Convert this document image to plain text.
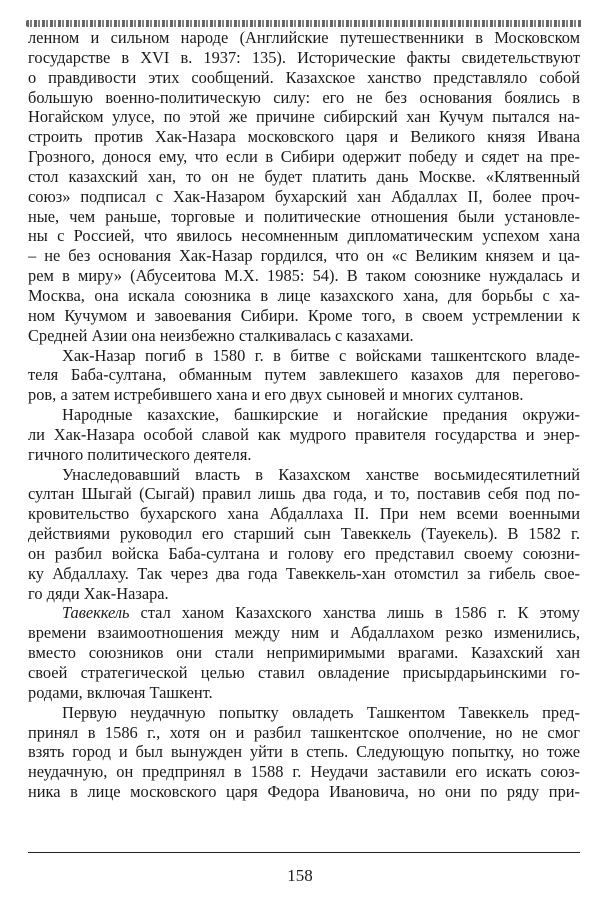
ленном и сильном народе (Английские путешественники в Московском
государстве в XVI в. 1937: 135). Исторические факты свидетельствуют
о правдивости этих сообщений. Казахское ханство представляло собой
большую военно-политическую силу: его не без основания боялись в
Ногайском улусе, по этой же причине сибирский хан Кучум пытался на-
строить против Хак-Назара московского царя и Великого князя Ивана
Грозного, донося ему, что если в Сибири одержит победу и сядет на пре-
стол казахский хан, то он не будет платить дань Москве. «Клятвенный
союз» подписал с Хак-Назаром бухарский хан Абдаллах II, более проч-
ные, чем раньше, торговые и политические отношения были установле-
ны с Россией, что явилось несомненным дипломатическим успехом хана
– не без основания Хак-Назар гордился, что он «с Великим князем и ца-
рем в миру» (Абусеитова М.Х. 1985: 54). В таком союзнике нуждалась и
Москва, она искала союзника в лице казахского хана, для борьбы с ха-
ном Кучумом и завоевания Сибири. Кроме того, в своем устремлении к
Средней Азии она неизбежно сталкивалась с казахами.
Хак-Назар погиб в 1580 г. в битве с войсками ташкентского владе-
теля Баба-султана, обманным путем завлекшего казахов для перегово-
ров, а затем истребившего хана и его двух сыновей и многих султанов.
Народные казахские, башкирские и ногайские предания окружи-
ли Хак-Назара особой славой как мудрого правителя государства и энер-
гичного политического деятеля.
Унаследовавший власть в Казахском ханстве восьмидесятилетний
султан Шыгай (Сыгай) правил лишь два года, и то, поставив себя под по-
кровительство бухарского хана Абдаллаха II. При нем всеми военными
действиями руководил его старший сын Тавеккель (Тауекель). В 1582 г.
он разбил войска Баба-султана и голову его представил своему союзни-
ку Абдаллаху. Так через два года Тавеккель-хан отомстил за гибель свое-
го дяди Хак-Назара.
Тавеккель стал ханом Казахского ханства лишь в 1586 г. К этому
времени взаимоотношения между ним и Абдаллахом резко изменились,
вместо союзников они стали непримиримыми врагами. Казахский хан
своей стратегической целью ставил овладение присырдарьинскими го-
родами, включая Ташкент.
Первую неудачную попытку овладеть Ташкентом Тавеккель пред-
принял в 1586 г., хотя он и разбил ташкентское ополчение, но не смог
взять город и был вынужден уйти в степь. Следующую попытку, но тоже
неудачную, он предпринял в 1588 г. Неудачи заставили его искать союз-
ника в лице московского царя Федора Ивановича, но они по ряду при-
158
